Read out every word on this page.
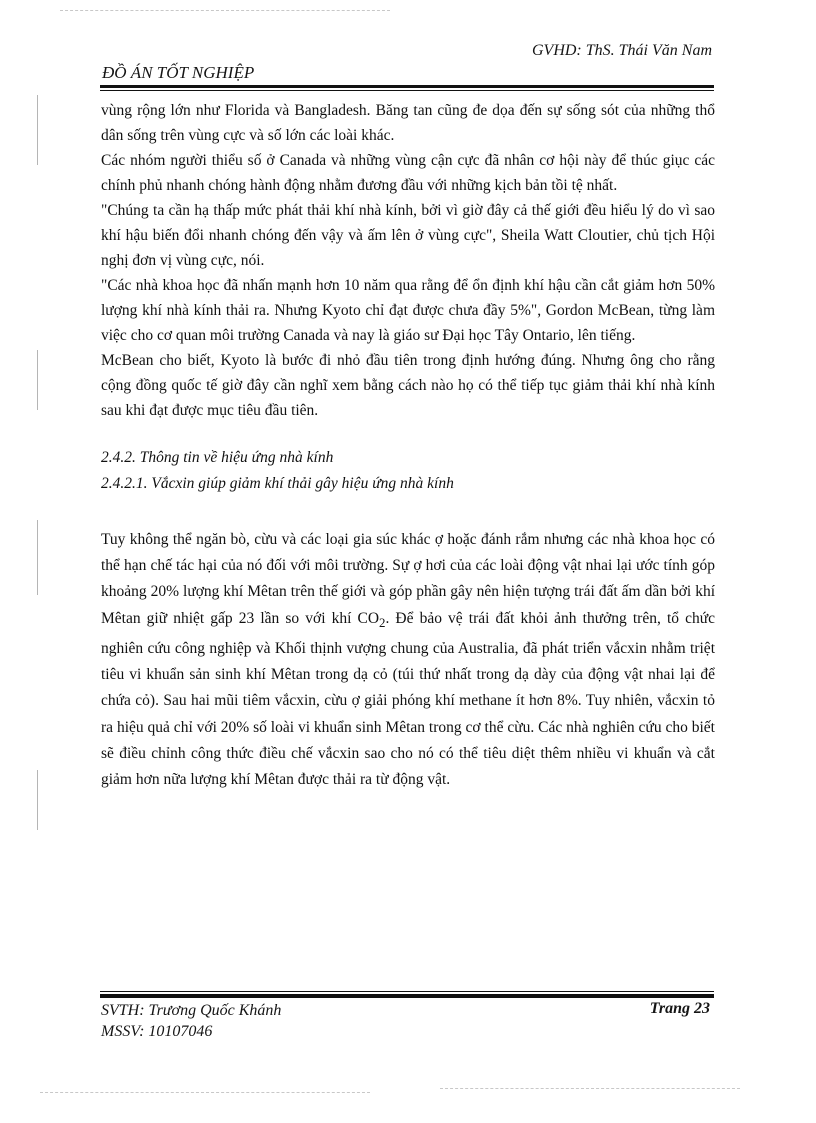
GVHD: ThS. Thái Văn Nam
ĐỒ ÁN TỐT NGHIỆP

vùng rộng lớn như Florida và Bangladesh. Băng tan cũng đe dọa đến sự sống sót của những thổ dân sống trên vùng cực và số lớn các loài khác.

Các nhóm người thiểu số ở Canada và những vùng cận cực đã nhân cơ hội này để thúc giục các chính phủ nhanh chóng hành động nhằm đương đầu với những kịch bản tồi tệ nhất.

"Chúng ta cần hạ thấp mức phát thải khí nhà kính, bởi vì giờ đây cả thế giới đều hiểu lý do vì sao khí hậu biến đổi nhanh chóng đến vậy và ấm lên ở vùng cực", Sheila Watt Cloutier, chủ tịch Hội nghị đơn vị vùng cực, nói.

"Các nhà khoa học đã nhấn mạnh hơn 10 năm qua rằng để ổn định khí hậu cần cắt giảm hơn 50% lượng khí nhà kính thải ra. Nhưng Kyoto chỉ đạt được chưa đầy 5%", Gordon McBean, từng làm việc cho cơ quan môi trường Canada và nay là giáo sư Đại học Tây Ontario, lên tiếng.

McBean cho biết, Kyoto là bước đi nhỏ đầu tiên trong định hướng đúng. Nhưng ông cho rằng cộng đồng quốc tế giờ đây cần nghĩ xem bằng cách nào họ có thể tiếp tục giảm thải khí nhà kính sau khi đạt được mục tiêu đầu tiên.

2.4.2. Thông tin về hiệu ứng nhà kính

2.4.2.1. Vắcxin giúp giảm khí thải gây hiệu ứng nhà kính

Tuy không thể ngăn bò, cừu và các loại gia súc khác ợ hoặc đánh rắm nhưng các nhà khoa học có thể hạn chế tác hại của nó đối với môi trường. Sự ợ hơi của các loài động vật nhai lại ước tính góp khoảng 20% lượng khí Mêtan trên thế giới và góp phần gây nên hiện tượng trái đất ấm dần bởi khí Mêtan giữ nhiệt gấp 23 lần so với khí $CO_2$. Để bảo vệ trái đất khỏi ảnh thưởng trên, tổ chức nghiên cứu công nghiệp và Khối thịnh vượng chung của Australia, đã phát triển vắcxin nhằm triệt tiêu vi khuẩn sản sinh khí Mêtan trong dạ cỏ (túi thứ nhất trong dạ dày của động vật nhai lại để chứa cỏ). Sau hai mũi tiêm vắcxin, cừu ợ giải phóng khí methane ít hơn 8%. Tuy nhiên, vắcxin tỏ ra hiệu quả chỉ với 20% số loài vi khuẩn sinh Mêtan trong cơ thể cừu. Các nhà nghiên cứu cho biết sẽ điều chỉnh công thức điều chế vắcxin sao cho nó có thể tiêu diệt thêm nhiều vi khuẩn và cắt giảm hơn nữa lượng khí Mêtan được thải ra từ động vật.

SVTH: Trương Quốc Khánh
MSSV: 10107046
Trang 23
